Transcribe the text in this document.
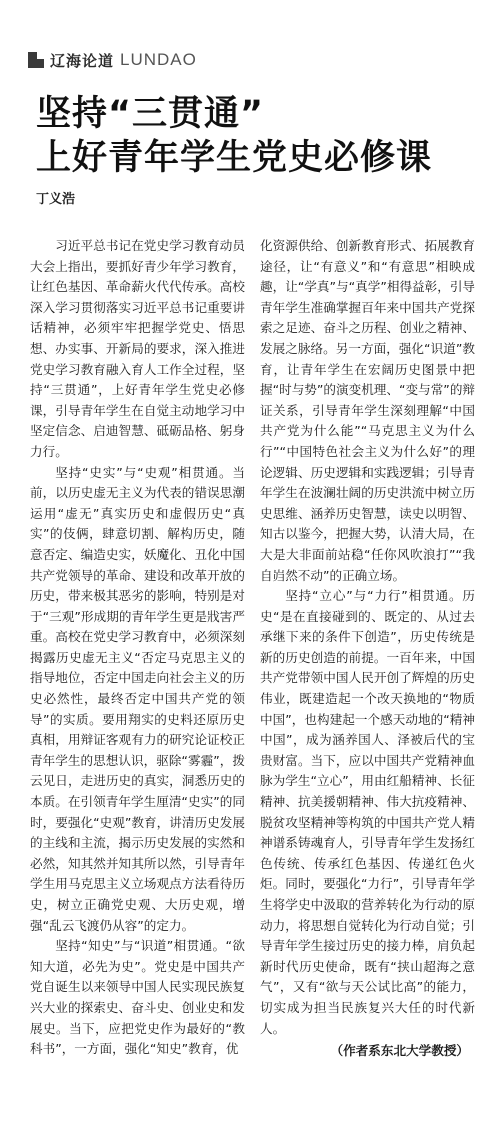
辽海论道 LUNDAO
坚持“三贯通”
上好青年学生党史必修课
丁义浩

习近平总书记在党史学习教育动员大会上指出，要抓好青少年学习教育，让红色基因、革命薪火代代传承。高校深入学习贯彻落实习近平总书记重要讲话精神，必须牢牢把握学党史、悟思想、办实事、开新局的要求，深入推进党史学习教育融入育人工作全过程，坚持“三贯通”，上好青年学生党史必修课，引导青年学生在自觉主动地学习中坚定信念、启迪智慧、砥砺品格、躬身力行。

坚持“史实”与“史观”相贯通。当前，以历史虚无主义为代表的错误思潮运用“虚无”真实历史和虚假历史“真实”的伎俩，肆意切割、解构历史，随意否定、编造史实，妖魔化、丑化中国共产党领导的革命、建设和改革开放的历史，带来极其恶劣的影响，特别是对于“三观”形成期的青年学生更是戕害严重。高校在党史学习教育中，必须深刻揭露历史虚无主义“否定马克思主义的指导地位，否定中国走向社会主义的历史必然性，最终否定中国共产党的领导”的实质。要用翔实的史料还原历史真相，用辩证客观有力的研究论证校正青年学生的思想认识，驱除“雾霾”，拨云见日，走进历史的真实，洞悉历史的本质。在引领青年学生厘清“史实”的同时，要强化“史观”教育，讲清历史发展的主线和主流，揭示历史发展的实然和必然，知其然并知其所以然，引导青年学生用马克思主义立场观点方法看待历史，树立正确党史观、大历史观，增强“乱云飞渡仍从容”的定力。

坚持“知史”与“识道”相贯通。“欲知大道，必先为史”。党史是中国共产党自诞生以来领导中国人民实现民族复兴大业的探索史、奋斗史、创业史和发展史。当下，应把党史作为最好的“教科书”，一方面，强化“知史”教育，优

化资源供给、创新教育形式、拓展教育途径，让“有意义”和“有意思”相映成趣，让“学真”与“真学”相得益彰，引导青年学生准确掌握百年来中国共产党探索之足迹、奋斗之历程、创业之精神、发展之脉络。另一方面，强化“识道”教育，让青年学生在宏阔历史图景中把握“时与势”的演变机理、“变与常”的辩证关系，引导青年学生深刻理解“中国共产党为什么能”“马克思主义为什么行”“中国特色社会主义为什么好”的理论逻辑、历史逻辑和实践逻辑；引导青年学生在波澜壮阔的历史洪流中树立历史思维、涵养历史智慧，读史以明智、知古以鉴今，把握大势，认清大局，在大是大非面前站稳“任你风吹浪打”“我自岿然不动”的正确立场。

坚持“立心”与“力行”相贯通。历史“是在直接碰到的、既定的、从过去承继下来的条件下创造”，历史传统是新的历史创造的前提。一百年来，中国共产党带领中国人民开创了辉煌的历史伟业，既建造起一个改天换地的“物质中国”，也构建起一个感天动地的“精神中国”，成为涵养国人、泽被后代的宝贵财富。当下，应以中国共产党精神血脉为学生“立心”，用由红船精神、长征精神、抗美援朝精神、伟大抗疫精神、脱贫攻坚精神等构筑的中国共产党人精神谱系铸魂育人，引导青年学生发扬红色传统、传承红色基因、传递红色火炬。同时，要强化“力行”，引导青年学生将学史中汲取的营养转化为行动的原动力，将思想自觉转化为行动自觉；引导青年学生接过历史的接力棒，肩负起新时代历史使命，既有“挟山超海之意气”，又有“欲与天公试比高”的能力，切实成为担当民族复兴大任的时代新人。

（作者系东北大学教授）
